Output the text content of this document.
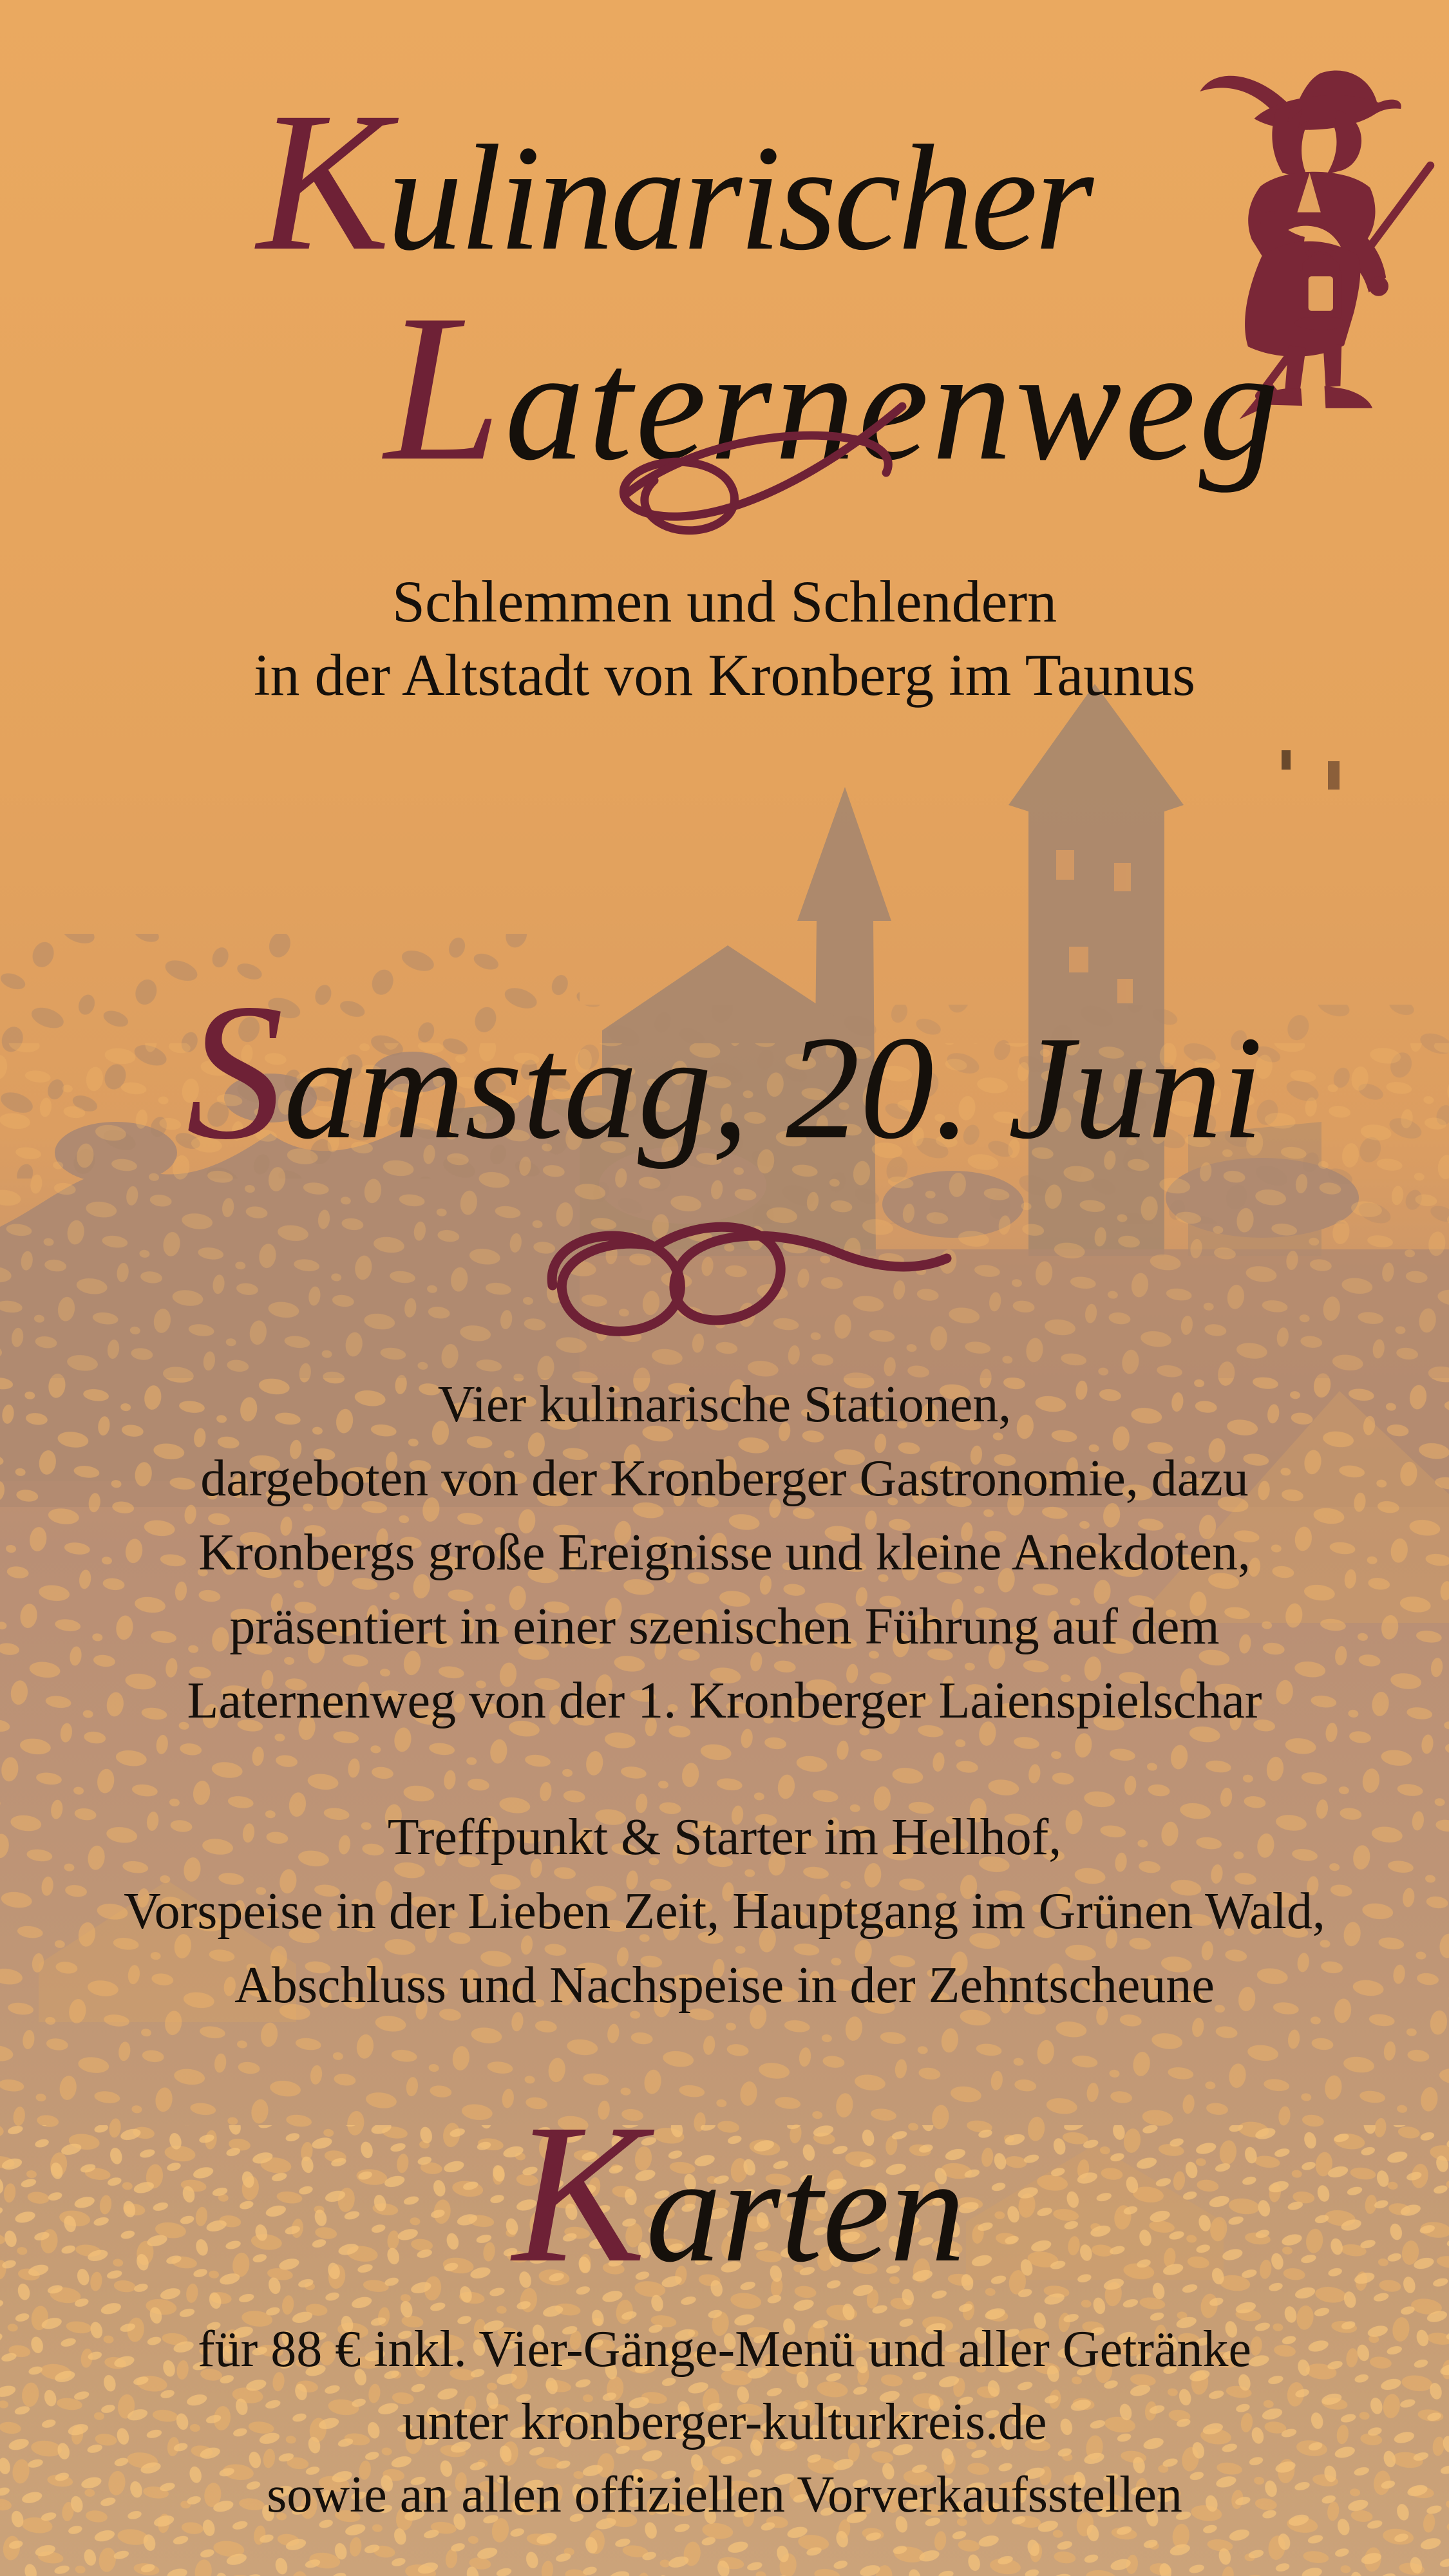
Kulinarischer
Laternenweg

Schlemmen und Schlendern

in der Altstadt von Kronberg im Taunus

Samstag, 20. Juni

Vier kulinarische Stationen,

dargeboten von der Kronberger Gastronomie, dazu

Kronbergs große Ereignisse und kleine Anekdoten,

präsentiert in einer szenischen Führung auf dem

Laternenweg von der 1. Kronberger Laienspielschar

Treffpunkt & Starter im Hellhof,

Vorspeise in der Lieben Zeit, Hauptgang im Grünen Wald,

Abschluss und Nachspeise in der Zehntscheune

Karten

für 88 € inkl. Vier-Gänge-Menü und aller Getränke

unter kronberger-kulturkreis.de

sowie an allen offiziellen Vorverkaufsstellen
